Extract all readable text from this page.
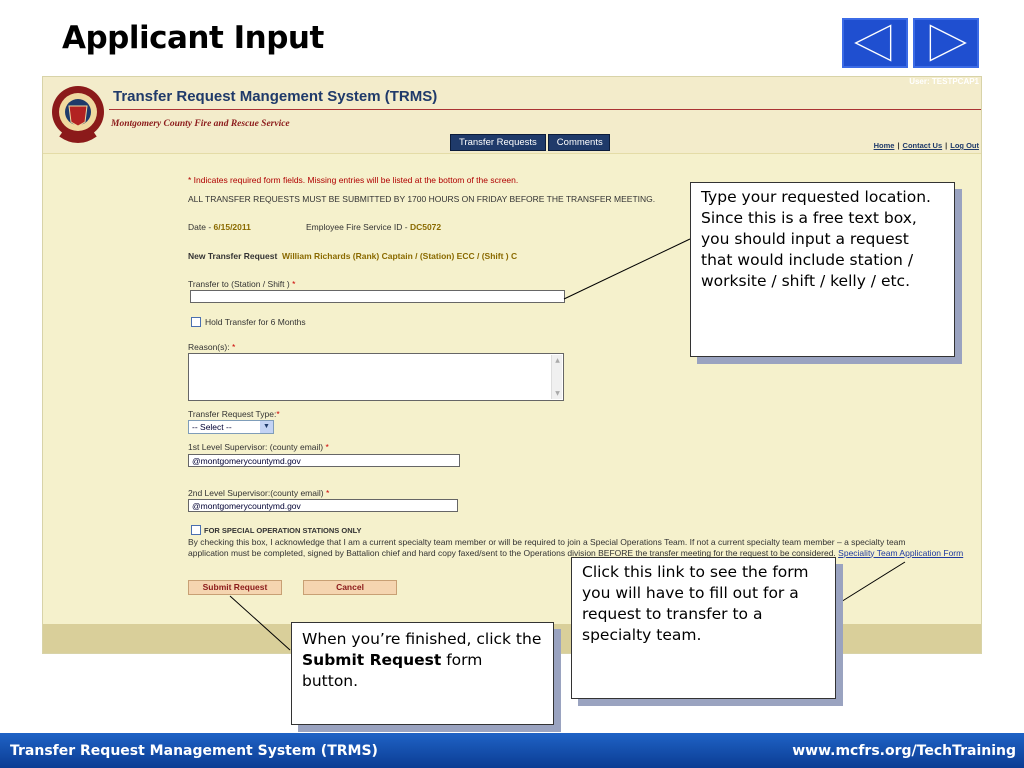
Applicant Input
Transfer Request Mangement System (TRMS)
Montgomery County Fire and Rescue Service
User: TESTPCAP1
Transfer Requests	Comments	Home | Contact Us | Log Out
* Indicates required form fields. Missing entries will be listed at the bottom of the screen.
ALL TRANSFER REQUESTS MUST BE SUBMITTED BY 1700 HOURS ON FRIDAY BEFORE THE TRANSFER MEETING.
Date - 6/15/2011	Employee Fire Service ID - DC5072
New Transfer Request William Richards (Rank) Captain / (Station) ECC / (Shift ) C
Transfer to (Station / Shift ) *
Hold Transfer for 6 Months
Reason(s): *
▲
▼
Transfer Request Type:*
-- Select --	▼
1st Level Supervisor: (county email) *
@montgomerycountymd.gov
2nd Level Supervisor:(county email) *
@montgomerycountymd.gov
FOR SPECIAL OPERATION STATIONS ONLY
By checking this box, I acknowledge that I am a current specialty team member or will be required to join a Special Operations Team. If not a current specialty team member – a specialty team
application must be completed, signed by Battalion chief and hard copy faxed/sent to the Operations division BEFORE the transfer meeting for the request to be considered. Speciality Team Application Form
Submit Request	Cancel
Type your requested location. Since this is a free text box, you should input a request that would include station / worksite / shift / kelly / etc.
Click this link to see the form you will have to fill out for a request to transfer to a specialty team.
When you’re finished, click the Submit Request form button.
Transfer Request Management System (TRMS)	www.mcfrs.org/TechTraining
